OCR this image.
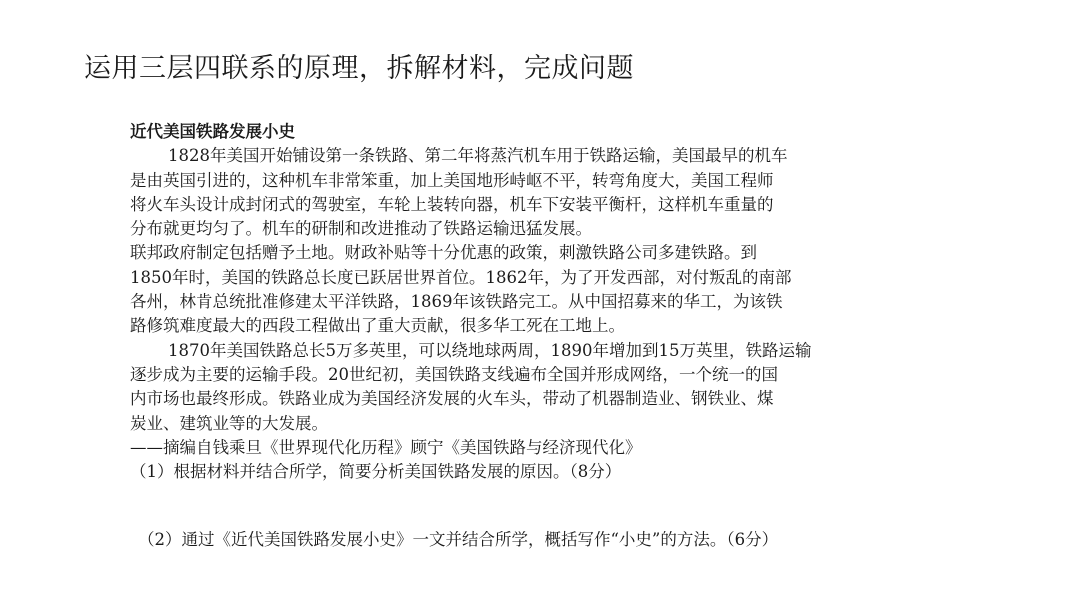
运用三层四联系的原理，拆解材料，完成问题
近代美国铁路发展小史
1828年美国开始铺设第一条铁路、第二年将蒸汽机车用于铁路运输，美国最早的机车
是由英国引进的，这种机车非常笨重，加上美国地形峙岖不平，转弯角度大，美国工程师
将火车头设计成封闭式的驾驶室，车轮上装转向器，机车下安装平衡杆，这样机车重量的
分布就更均匀了。机车的研制和改进推动了铁路运输迅猛发展。
联邦政府制定包括赠予土地。财政补贴等十分优惠的政策，刺激铁路公司多建铁路。到
1850年时，美国的铁路总长度已跃居世界首位。1862年，为了开发西部，对付叛乱的南部
各州，林肯总统批准修建太平洋铁路，1869年该铁路完工。从中国招募来的华工，为该铁
路修筑难度最大的西段工程做出了重大贡献，很多华工死在工地上。
1870年美国铁路总长5万多英里，可以绕地球两周，1890年增加到15万英里，铁路运输
逐步成为主要的运输手段。20世纪初，美国铁路支线遍布全国并形成网络，一个统一的国
内市场也最终形成。铁路业成为美国经济发展的火车头，带动了机器制造业、钢铁业、煤
炭业、建筑业等的大发展。
——摘编自钱乘旦《世界现代化历程》顾宁《美国铁路与经济现代化》
（1）根据材料并结合所学，简要分析美国铁路发展的原因。（8分）
（2）通过《近代美国铁路发展小史》一文并结合所学，概括写作“小史”的方法。（6分）
